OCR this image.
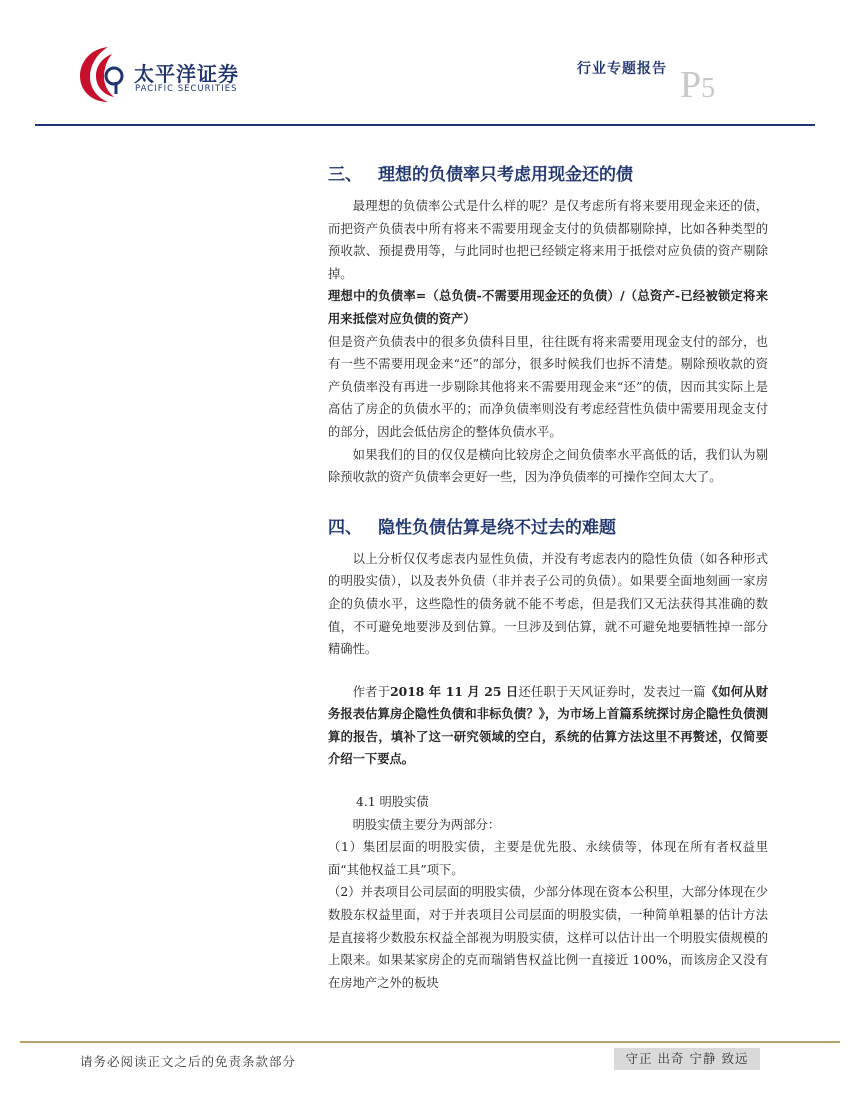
太平洋证券
PACIFIC SECURITIES
行业专题报告 P5
三、 理想的负债率只考虑用现金还的债

最理想的负债率公式是什么样的呢？是仅考虑所有将来要用现金来还的债，而把资产负债表中所有将来不需要用现金支付的负债都剔除掉，比如各种类型的预收款、预提费用等，与此同时也把已经锁定将来用于抵偿对应负债的资产剔除掉。

理想中的负债率=（总负债-不需要用现金还的负债）/（总资产-已经被锁定将来用来抵偿对应负债的资产）

但是资产负债表中的很多负债科目里，往往既有将来需要用现金支付的部分，也有一些不需要用现金来“还”的部分，很多时候我们也拆不清楚。剔除预收款的资产负债率没有再进一步剔除其他将来不需要用现金来“还”的债，因而其实际上是高估了房企的负债水平的；而净负债率则没有考虑经营性负债中需要用现金支付的部分，因此会低估房企的整体负债水平。

如果我们的目的仅仅是横向比较房企之间负债率水平高低的话，我们认为剔除预收款的资产负债率会更好一些，因为净负债率的可操作空间太大了。

四、 隐性负债估算是绕不过去的难题

以上分析仅仅考虑表内显性负债，并没有考虑表内的隐性负债（如各种形式的明股实债），以及表外负债（非并表子公司的负债）。如果要全面地刻画一家房企的负债水平，这些隐性的债务就不能不考虑，但是我们又无法获得其准确的数值，不可避免地要涉及到估算。一旦涉及到估算，就不可避免地要牺牲掉一部分精确性。

作者于2018 年 11 月 25 日还任职于天风证券时，发表过一篇《如何从财务报表估算房企隐性负债和非标负债？》，为市场上首篇系统探讨房企隐性负债测算的报告，填补了这一研究领域的空白，系统的估算方法这里不再赘述，仅简要介绍一下要点。

4.1 明股实债

明股实债主要分为两部分：

（1）集团层面的明股实债，主要是优先股、永续债等，体现在所有者权益里面“其他权益工具”项下。

（2）并表项目公司层面的明股实债，少部分体现在资本公积里，大部分体现在少数股东权益里面，对于并表项目公司层面的明股实债，一种简单粗暴的估计方法是直接将少数股东权益全部视为明股实债，这样可以估计出一个明股实债规模的上限来。如果某家房企的克而瑞销售权益比例一直接近 100%，而该房企又没有在房地产之外的板块

请务必阅读正文之后的免责条款部分	守正 出奇 宁静 致远
